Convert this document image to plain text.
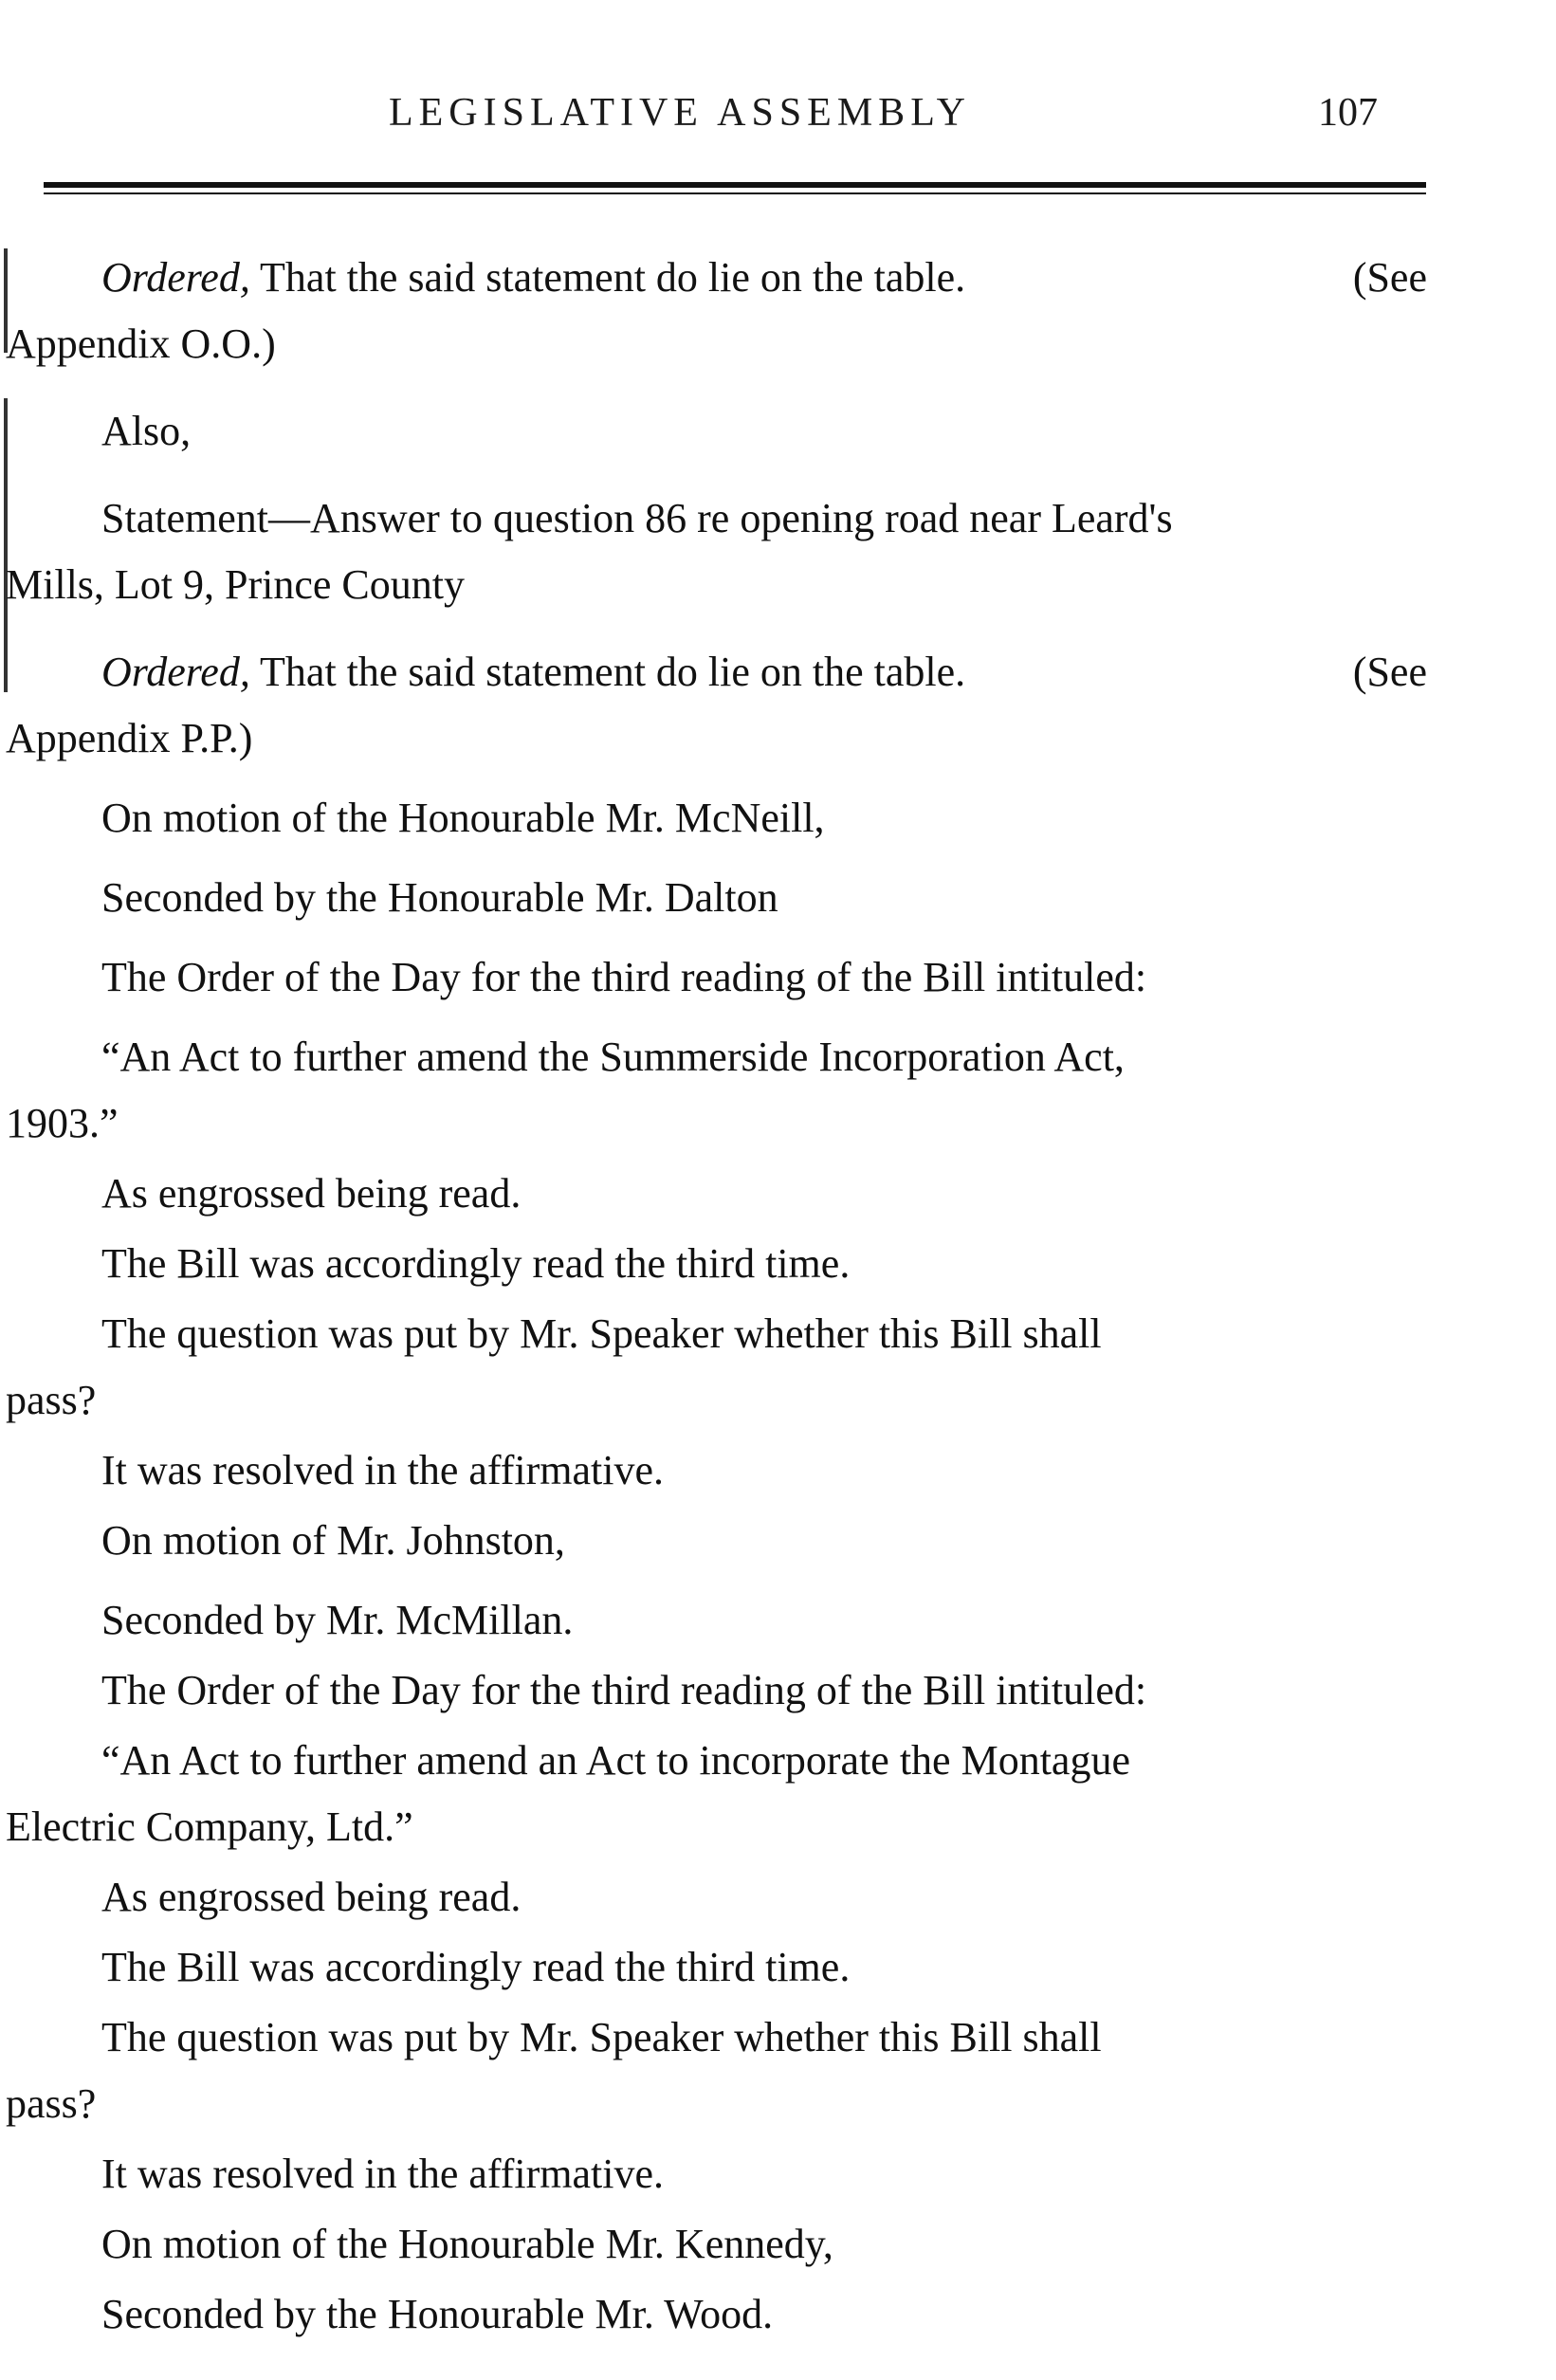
LEGISLATIVE ASSEMBLY	107
Ordered, That the said statement do lie on the table.	(See
Appendix O.O.)
Also,
Statement—Answer to question 86 re opening road near Leard's
Mills, Lot 9, Prince County
Ordered, That the said statement do lie on the table.	(See
Appendix P.P.)
On motion of the Honourable Mr. McNeill,
Seconded by the Honourable Mr. Dalton
The Order of the Day for the third reading of the Bill intituled:
“An Act to further amend the Summerside Incorporation Act,
1903.”
As engrossed being read.
The Bill was accordingly read the third time.
The question was put by Mr. Speaker whether this Bill shall
pass?
It was resolved in the affirmative.
On motion of Mr. Johnston,
Seconded by Mr. McMillan.
The Order of the Day for the third reading of the Bill intituled:
“An Act to further amend an Act to incorporate the Montague
Electric Company, Ltd.”
As engrossed being read.
The Bill was accordingly read the third time.
The question was put by Mr. Speaker whether this Bill shall
pass?
It was resolved in the affirmative.
On motion of the Honourable Mr. Kennedy,
Seconded by the Honourable Mr. Wood.
